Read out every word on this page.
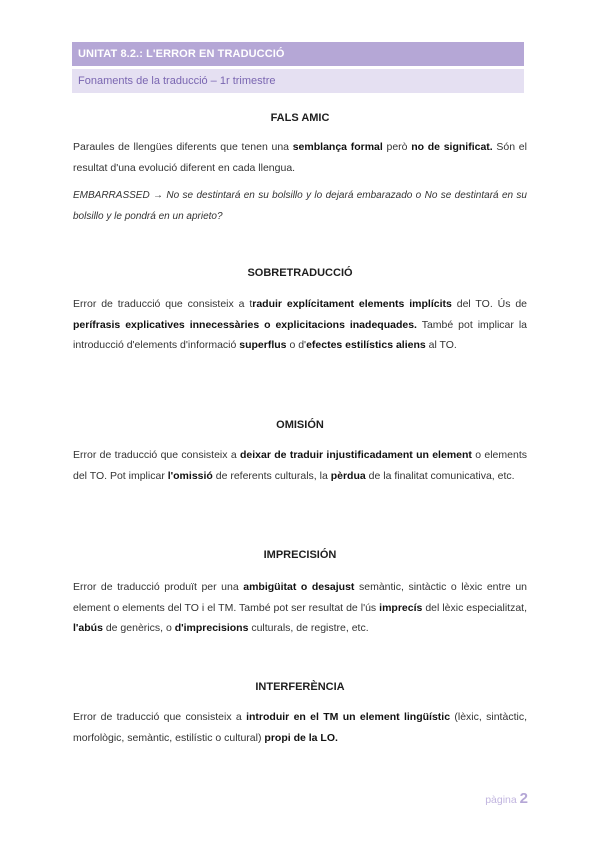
UNITAT 8.2.: L'ERROR EN TRADUCCIÓ
Fonaments de la traducció – 1r trimestre
FALS AMIC
Paraules de llengües diferents que tenen una semblança formal però no de significat. Són el resultat d'una evolució diferent en cada llengua.
EMBARRASSED → No se destintará en su bolsillo y lo dejará embarazado o No se destintará en su bolsillo y le pondrá en un aprieto?
SOBRETRADUCCIÓ
Error de traducció que consisteix a traduir explícitament elements implícits del TO. Ús de perífrasis explicatives innecessàries o explicitacions inadequades. També pot implicar la introducció d'elements d'informació superflus o d'efectes estilístics aliens al TO.
OMISIÓN
Error de traducció que consisteix a deixar de traduir injustificadament un element o elements del TO. Pot implicar l'omissió de referents culturals, la pèrdua de la finalitat comunicativa, etc.
IMPRECISIÓN
Error de traducció produït per una ambigüitat o desajust semàntic, sintàctic o lèxic entre un element o elements del TO i el TM. També pot ser resultat de l'ús imprecís del lèxic especialitzat, l'abús de genèrics, o d'imprecisions culturals, de registre, etc.
INTERFERÈNCIA
Error de traducció que consisteix a introduir en el TM un element lingüístic (lèxic, sintàctic, morfològic, semàntic, estilístic o cultural) propi de la LO.
pàgina 2
